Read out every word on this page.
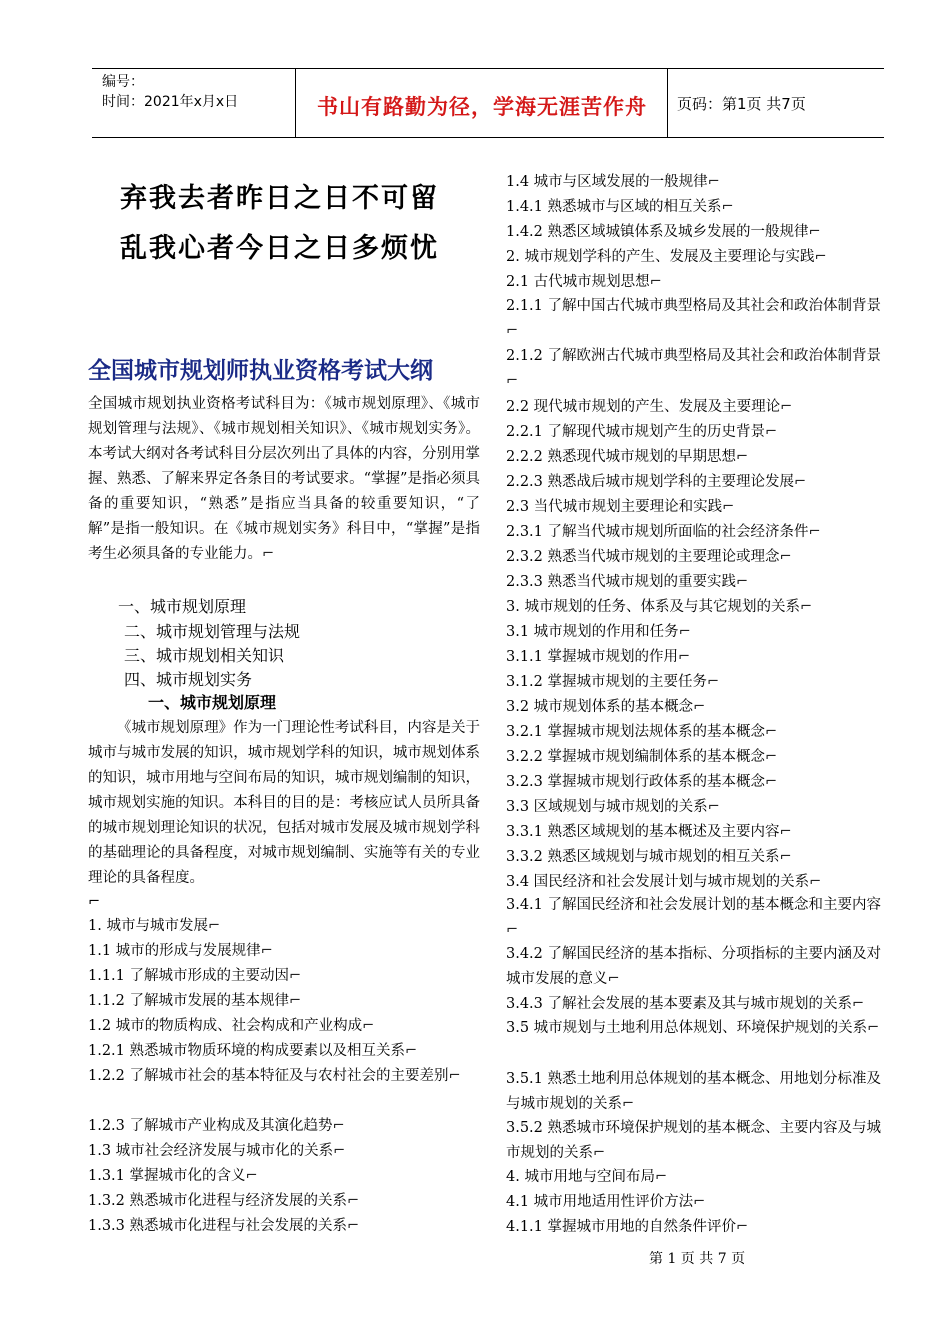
编号：
时间：2021年x月x日	书山有路勤为径，学海无涯苦作舟 页码：第1页 共7页
弃我去者昨日之日不可留
乱我心者今日之日多烦忧
全国城市规划师执业资格考试大纲
全国城市规划执业资格考试科目为：《城市规划原理》、《城市规划管理与法规》、《城市规划相关知识》、《城市规划实务》。本考试大纲对各考试科目分层次列出了具体的内容，分别用掌握、熟悉、了解来界定各条目的考试要求。“掌握”是指必须具备的重要知识，“熟悉”是指应当具备的较重要知识，“了解”是指一般知识。在《城市规划实务》科目中，“掌握”是指考生必须具备的专业能力。⌐
一、城市规划原理
二、城市规划管理与法规
三、城市规划相关知识
四、城市规划实务
一、城市规划原理
《城市规划原理》作为一门理论性考试科目，内容是关于城市与城市发展的知识，城市规划学科的知识，城市规划体系的知识，城市用地与空间布局的知识，城市规划编制的知识，城市规划实施的知识。本科目的目的是：考核应试人员所具备的城市规划理论知识的状况，包括对城市发展及城市规划学科的基础理论的具备程度，对城市规划编制、实施等有关的专业理论的具备程度。
⌐
1. 城市与城市发展⌐
1.1 城市的形成与发展规律⌐
1.1.1 了解城市形成的主要动因⌐
1.1.2 了解城市发展的基本规律⌐
1.2 城市的物质构成、社会构成和产业构成⌐
1.2.1 熟悉城市物质环境的构成要素以及相互关系⌐
1.2.2 了解城市社会的基本特征及与农村社会的主要差别⌐
1.2.3 了解城市产业构成及其演化趋势⌐
1.3 城市社会经济发展与城市化的关系⌐
1.3.1 掌握城市化的含义⌐
1.3.2 熟悉城市化进程与经济发展的关系⌐
1.3.3 熟悉城市化进程与社会发展的关系⌐
1.4 城市与区域发展的一般规律⌐
1.4.1 熟悉城市与区域的相互关系⌐
1.4.2 熟悉区域城镇体系及城乡发展的一般规律⌐
2. 城市规划学科的产生、发展及主要理论与实践⌐
2.1 古代城市规划思想⌐
2.1.1 了解中国古代城市典型格局及其社会和政治体制背景⌐
2.1.2 了解欧洲古代城市典型格局及其社会和政治体制背景⌐
2.2 现代城市规划的产生、发展及主要理论⌐
2.2.1 了解现代城市规划产生的历史背景⌐
2.2.2 熟悉现代城市规划的早期思想⌐
2.2.3 熟悉战后城市规划学科的主要理论发展⌐
2.3 当代城市规划主要理论和实践⌐
2.3.1 了解当代城市规划所面临的社会经济条件⌐
2.3.2 熟悉当代城市规划的主要理论或理念⌐
2.3.3 熟悉当代城市规划的重要实践⌐
3. 城市规划的任务、体系及与其它规划的关系⌐
3.1 城市规划的作用和任务⌐
3.1.1 掌握城市规划的作用⌐
3.1.2 掌握城市规划的主要任务⌐
3.2 城市规划体系的基本概念⌐
3.2.1 掌握城市规划法规体系的基本概念⌐
3.2.2 掌握城市规划编制体系的基本概念⌐
3.2.3 掌握城市规划行政体系的基本概念⌐
3.3 区域规划与城市规划的关系⌐
3.3.1 熟悉区域规划的基本概述及主要内容⌐
3.3.2 熟悉区域规划与城市规划的相互关系⌐
3.4 国民经济和社会发展计划与城市规划的关系⌐
3.4.1 了解国民经济和社会发展计划的基本概念和主要内容⌐
3.4.2 了解国民经济的基本指标、分项指标的主要内涵及对城市发展的意义⌐
3.4.3 了解社会发展的基本要素及其与城市规划的关系⌐
3.5 城市规划与土地利用总体规划、环境保护规划的关系⌐
3.5.1 熟悉土地利用总体规划的基本概念、用地划分标准及与城市规划的关系⌐
3.5.2 熟悉城市环境保护规划的基本概念、主要内容及与城市规划的关系⌐
4. 城市用地与空间布局⌐
4.1 城市用地适用性评价方法⌐
4.1.1 掌握城市用地的自然条件评价⌐
第 1 页 共 7 页
